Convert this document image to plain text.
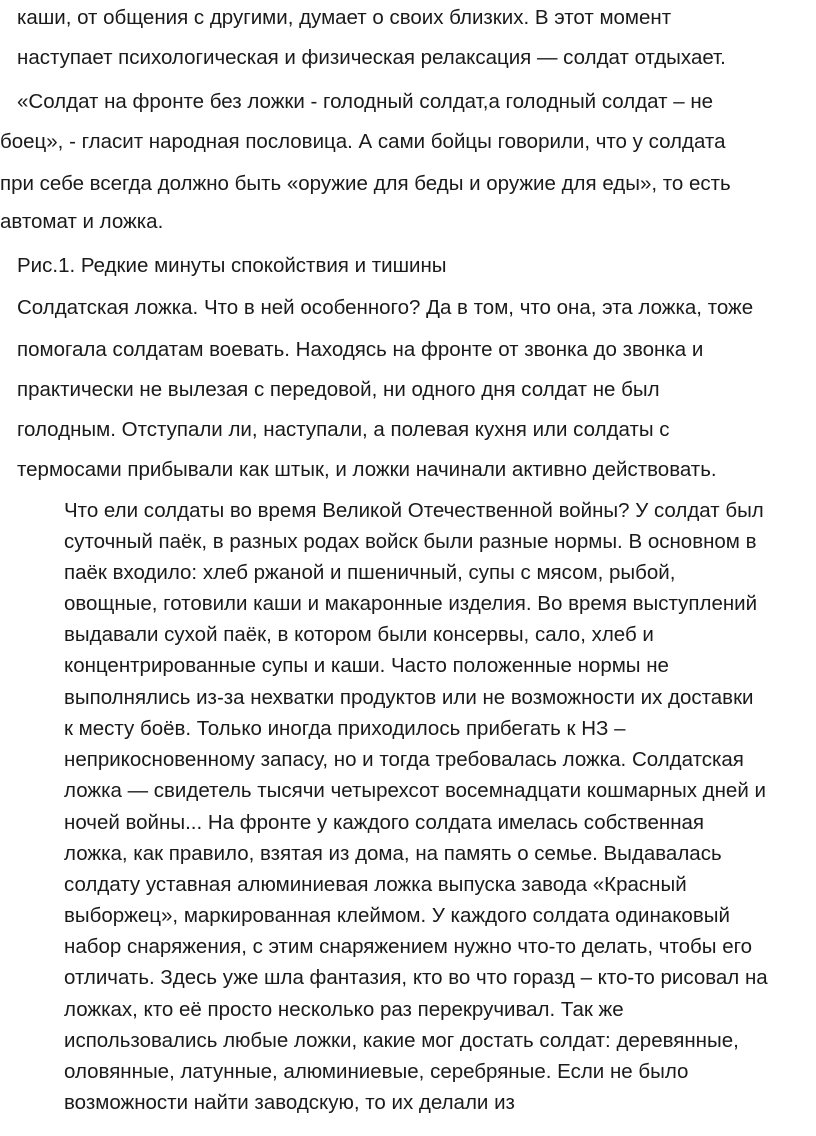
каши, от общения с другими, думает о своих близких. В этот момент

наступает психологическая и физическая релаксация — солдат отдыхает.

«Солдат на фронте без ложки - голодный солдат,а голодный солдат – не

боец», - гласит народная пословица. А сами бойцы говорили, что у солдата

при себе всегда должно быть «оружие для беды и оружие для еды», то есть

автомат и ложка.

Рис.1. Редкие минуты спокойствия и тишины

Солдатская ложка. Что в ней особенного? Да в том, что она, эта ложка, тоже

помогала солдатам воевать. Находясь на фронте от звонка до звонка и

практически не вылезая с передовой, ни одного дня солдат не был

голодным. Отступали ли, наступали, а полевая кухня или солдаты с

термосами прибывали как штык, и ложки начинали активно действовать.

Что ели солдаты во время Великой Отечественной войны? У солдат был

суточный паёк, в разных родах войск были разные нормы. В основном в

паёк входило: хлеб ржаной и пшеничный, супы с мясом, рыбой,

овощные, готовили каши и макаронные изделия. Во время выступлений

выдавали сухой паёк, в котором были консервы, сало, хлеб и

концентрированные супы и каши. Часто положенные нормы не

выполнялись из-за нехватки продуктов или не возможности их доставки

к месту боёв. Только иногда приходилось прибегать к НЗ –

неприкосновенному запасу, но и тогда требовалась ложка. Солдатская

ложка — свидетель тысячи четырехсот восемнадцати кошмарных дней и

ночей войны... На фронте у каждого солдата имелась собственная

ложка, как правило, взятая из дома, на память о семье. Выдавалась

солдату уставная алюминиевая ложка выпуска завода «Красный

выборжец», маркированная клеймом. У каждого солдата одинаковый

набор снаряжения, с этим снаряжением нужно что-то делать, чтобы его

отличать. Здесь уже шла фантазия, кто во что горазд – кто-то рисовал на

ложках, кто её просто несколько раз перекручивал. Так же

использовались любые ложки, какие мог достать солдат: деревянные,

оловянные, латунные, алюминиевые, серебряные. Если не было

возможности найти заводскую, то их делали из
